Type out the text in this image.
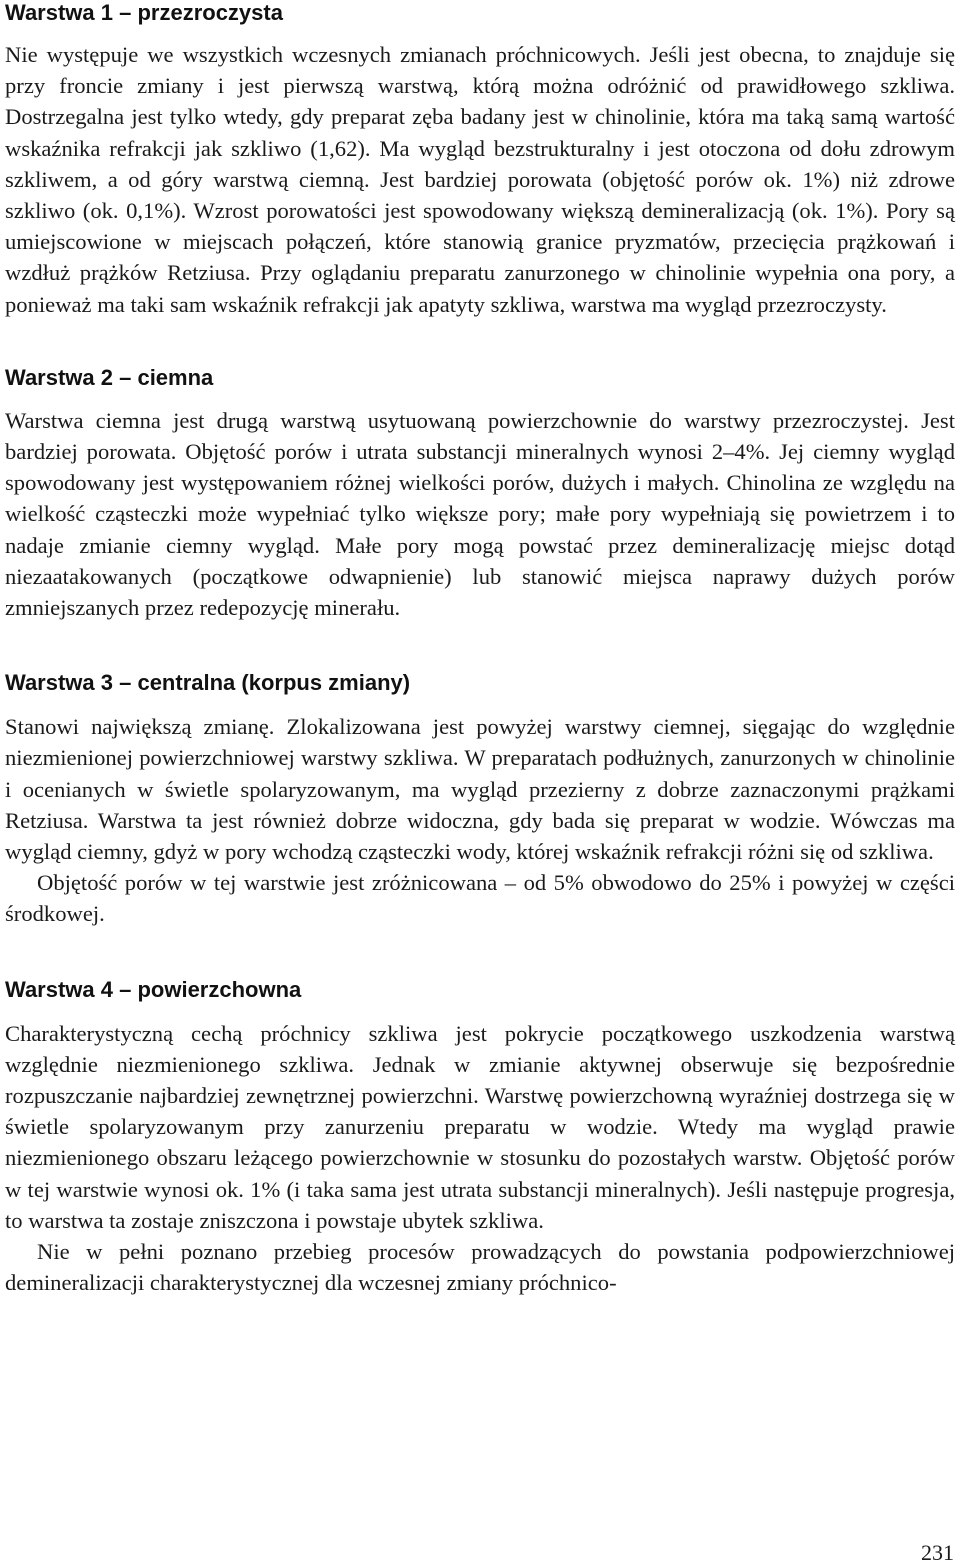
Warstwa 1 – przezroczysta

Nie występuje we wszystkich wczesnych zmianach próchnicowych. Jeśli jest obecna, to znajduje się przy froncie zmiany i jest pierwszą warstwą, którą można odróżnić od prawidłowego szkliwa. Dostrzegalna jest tylko wtedy, gdy preparat zęba badany jest w chinolinie, która ma taką samą wartość wskaźnika refrakcji jak szkliwo (1,62). Ma wygląd bezstrukturalny i jest otoczona od dołu zdrowym szkliwem, a od góry warstwą ciemną. Jest bardziej porowata (objętość porów ok. 1%) niż zdrowe szkliwo (ok. 0,1%). Wzrost porowatości jest spowodowany większą demineralizacją (ok. 1%). Pory są umiejscowione w miejscach połączeń, które stanowią granice pryzmatów, przecięcia prążkowań i wzdłuż prążków Retziusa. Przy oglądaniu preparatu zanurzonego w chinolinie wypełnia ona pory, a ponieważ ma taki sam wskaźnik refrakcji jak apatyty szkliwa, warstwa ma wygląd przezroczysty.

Warstwa 2 – ciemna

Warstwa ciemna jest drugą warstwą usytuowaną powierzchownie do warstwy przezroczystej. Jest bardziej porowata. Objętość porów i utrata substancji mineralnych wynosi 2–4%. Jej ciemny wygląd spowodowany jest występowaniem różnej wielkości porów, dużych i małych. Chinolina ze względu na wielkość cząsteczki może wypełniać tylko większe pory; małe pory wypełniają się powietrzem i to nadaje zmianie ciemny wygląd. Małe pory mogą powstać przez demineralizację miejsc dotąd niezaatakowanych (początkowe odwapnienie) lub stanowić miejsca naprawy dużych porów zmniejszanych przez redepozycję minerału.

Warstwa 3 – centralna (korpus zmiany)

Stanowi największą zmianę. Zlokalizowana jest powyżej warstwy ciemnej, sięgając do względnie niezmienionej powierzchniowej warstwy szkliwa. W preparatach podłużnych, zanurzonych w chinolinie i ocenianych w świetle spolaryzowanym, ma wygląd przezierny z dobrze zaznaczonymi prążkami Retziusa. Warstwa ta jest również dobrze widoczna, gdy bada się preparat w wodzie. Wówczas ma wygląd ciemny, gdyż w pory wchodzą cząsteczki wody, której wskaźnik refrakcji różni się od szkliwa.

Objętość porów w tej warstwie jest zróżnicowana – od 5% obwodowo do 25% i powyżej w części środkowej.

Warstwa 4 – powierzchowna

Charakterystyczną cechą próchnicy szkliwa jest pokrycie początkowego uszkodzenia warstwą względnie niezmienionego szkliwa. Jednak w zmianie aktywnej obserwuje się bezpośrednie rozpuszczanie najbardziej zewnętrznej powierzchni. Warstwę powierzchowną wyraźniej dostrzega się w świetle spolaryzowanym przy zanurzeniu preparatu w wodzie. Wtedy ma wygląd prawie niezmienionego obszaru leżącego powierzchownie w stosunku do pozostałych warstw. Objętość porów w tej warstwie wynosi ok. 1% (i taka sama jest utrata substancji mineralnych). Jeśli następuje progresja, to warstwa ta zostaje zniszczona i powstaje ubytek szkliwa.

Nie w pełni poznano przebieg procesów prowadzących do powstania podpowierzchniowej demineralizacji charakterystycznej dla wczesnej zmiany próchnico-

231
